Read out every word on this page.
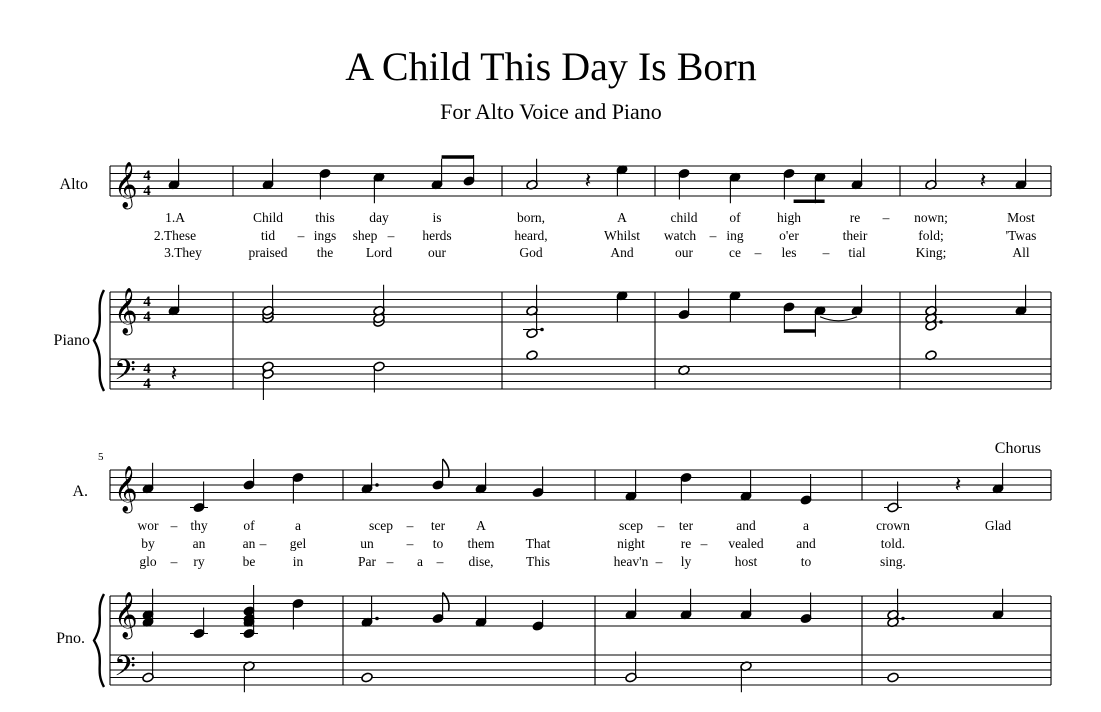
A Child This Day Is Born
For Alto Voice and Piano
Alto
Piano
A.
Pno.
5	Chorus
𝄞
𝄞
𝄢
𝄞
𝄞
𝄢
4
4
4
4
4
4
𝄽	𝄽
𝄽
𝄽
1.A	Child this	day	is	born,	A	child of	high	re – nown;	Most
2.These	tid – ings shep – herds	heard,	Whilst watch – ing	o'er	their	fold;	'Twas
3.They	praised the Lord	our	God	And	our	ce – les – tial	King;	All
wor – thy	of	a	scep – ter A	scep – ter	and	a	crown	Glad
by	an	an – gel	un – to them That	night	re – vealed and	told.
glo – ry	be	in	Par – a – dise, This	heav'n – ly	host	to	sing.
